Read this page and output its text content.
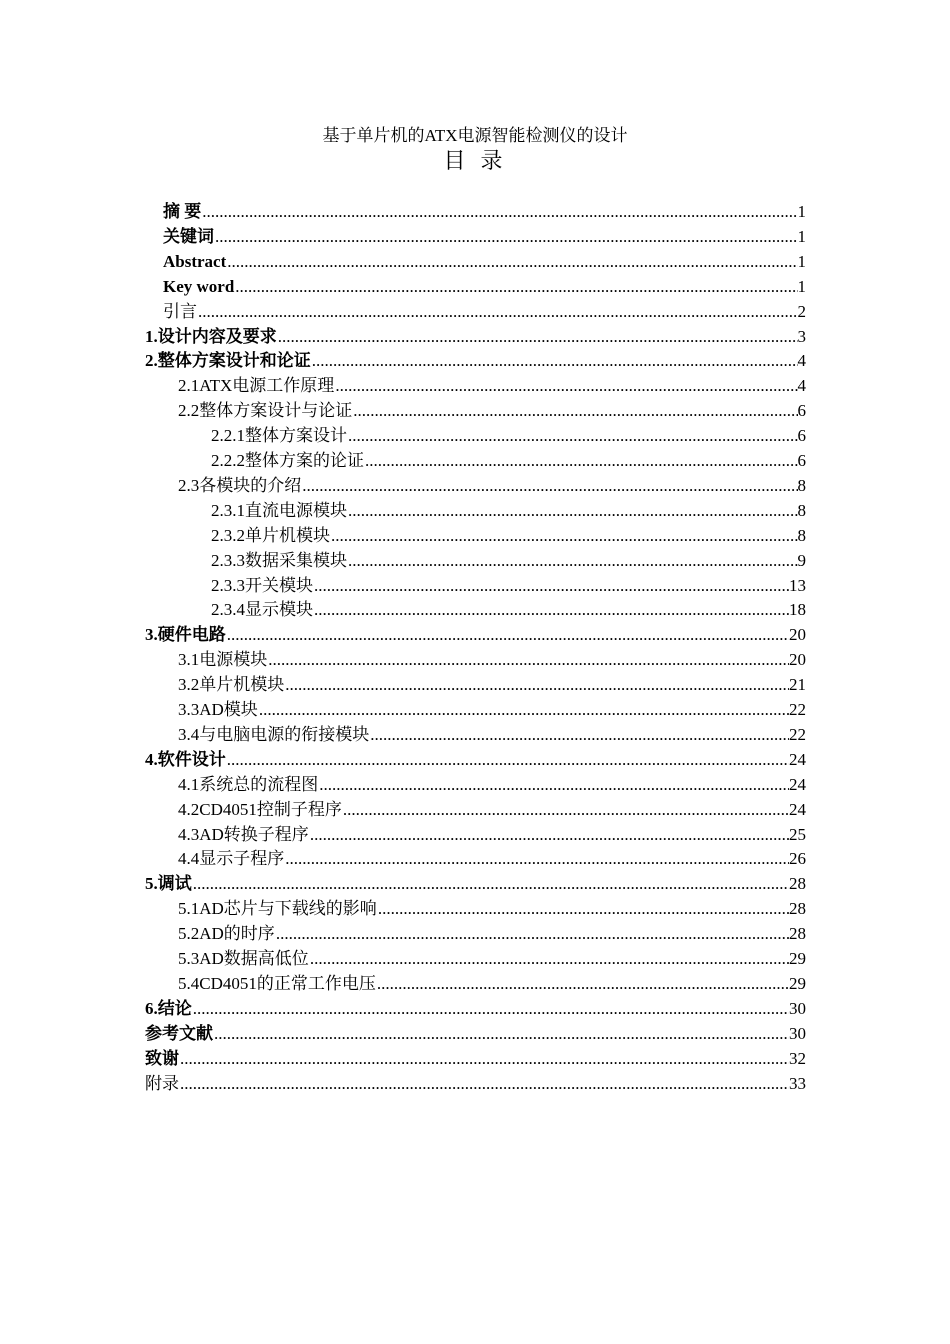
基于单片机的ATX电源智能检测仪的设计
目 录
摘 要 .....	1
关键词 .....	1
Abstract .....	1
Key word .....	1
引言 .....	2
1. 设计内容及要求 .....	3
2. 整体方案设计和论证 .....	4
2.1 ATX电源工作原理 .....	4
2.2 整体方案设计与论证 .....	6
2.2.1 整体方案设计 .....	6
2.2.2 整体方案的论证 .....	6
2.3 各模块的介绍 .....	8
2.3.1 直流电源模块 .....	8
2.3.2 单片机模块 .....	8
2.3.3 数据采集模块 .....	9
2.3.3 开关模块 .....	13
2.3.4 显示模块 .....	18
3. 硬件电路 .....	20
3.1 电源模块 .....	20
3.2 单片机模块 .....	21
3.3 AD模块 .....	22
3.4 与电脑电源的衔接模块 .....	22
4. 软件设计 .....	24
4.1 系统总的流程图 .....	24
4.2 CD4051控制子程序 .....	24
4.3 AD转换子程序 .....	25
4.4 显示子程序 .....	26
5. 调试 .....	28
5.1 AD芯片与下载线的影响 .....	28
5.2 AD的时序 .....	28
5.3 AD数据高低位 .....	29
5.4 CD4051的正常工作电压 .....	29
6. 结论 .....	30
参考文献 .....	30
致谢 .....	32
附录 .....	33
